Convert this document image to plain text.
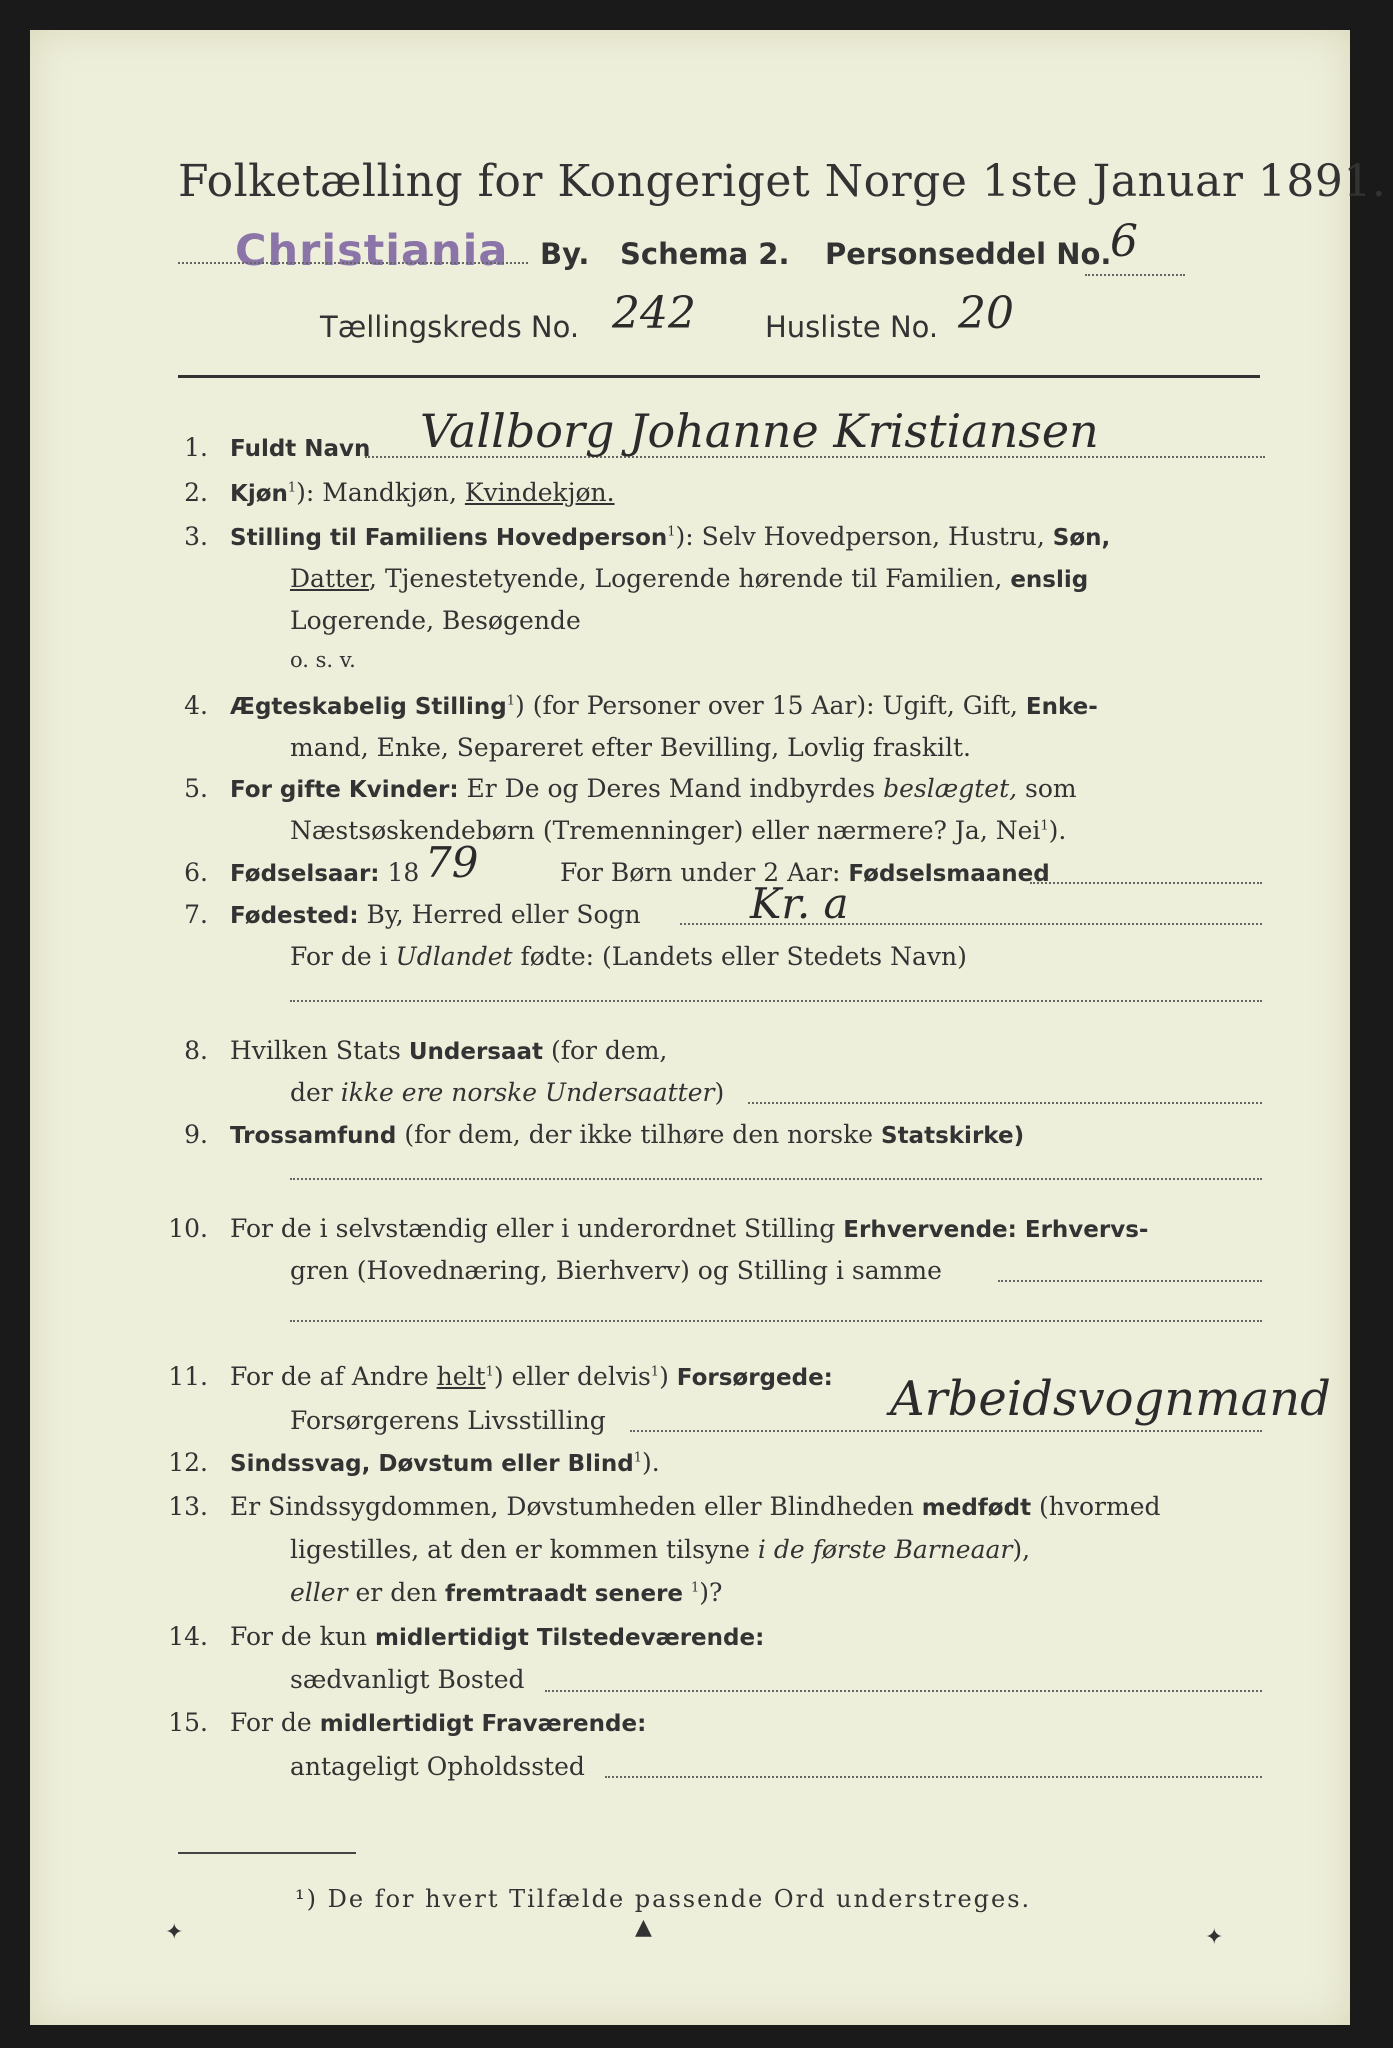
Folketælling for Kongeriget Norge 1ste Januar 1891.
Christiania By. Schema 2. Personseddel No.
6
Tællingskreds No. 242 Husliste No. 20
1. Fuldt Navn Vallborg Johanne Kristiansen
2. Kjøn$^1$): Mandkjøn, Kvindekjøn.
3. Stilling til Familiens Hovedperson$^1$): Selv Hovedperson, Hustru, Søn,
Datter, Tjenestetyende, Logerende hørende til Familien, enslig
Logerende, Besøgende
o. s. v.
4. Ægteskabelig Stilling$^1$) (for Personer over 15 Aar): Ugift, Gift, Enke-
mand, Enke, Separeret efter Bevilling, Lovlig fraskilt.
5. For gifte Kvinder: Er De og Deres Mand indbyrdes beslægtet, som
Næstsøskendebørn (Tremenninger) eller nærmere? Ja, Nei$^1$).
6. Fødselsaar: 18 79	For Børn under 2 Aar: Fødselsmaaned
7. Fødested: By, Herred eller Sogn	Kr. a
For de i Udlandet fødte: (Landets eller Stedets Navn)
8. Hvilken Stats Undersaat (for dem,
der ikke ere norske Undersaatter)
9. Trossamfund (for dem, der ikke tilhøre den norske Statskirke)
10. For de i selvstændig eller i underordnet Stilling Erhvervende: Erhvervs-
gren (Hovednæring, Bierhverv) og Stilling i samme
11. For de af Andre helt$^1$) eller delvis$^1$) Forsørgede:
Forsørgerens Livsstilling	Arbeidsvognmand
12. Sindssvag, Døvstum eller Blind$^1$).
13. Er Sindssygdommen, Døvstumheden eller Blindheden medfødt (hvormed
ligestilles, at den er kommen tilsyne i de første Barneaar),
eller er den fremtraadt senere $^1$)?
14. For de kun midlertidigt Tilstedeværende:
sædvanligt Bosted
15. For de midlertidigt Fraværende:
antageligt Opholdssted
¹) De for hvert Tilfælde passende Ord understreges.
✦	▲	✦
